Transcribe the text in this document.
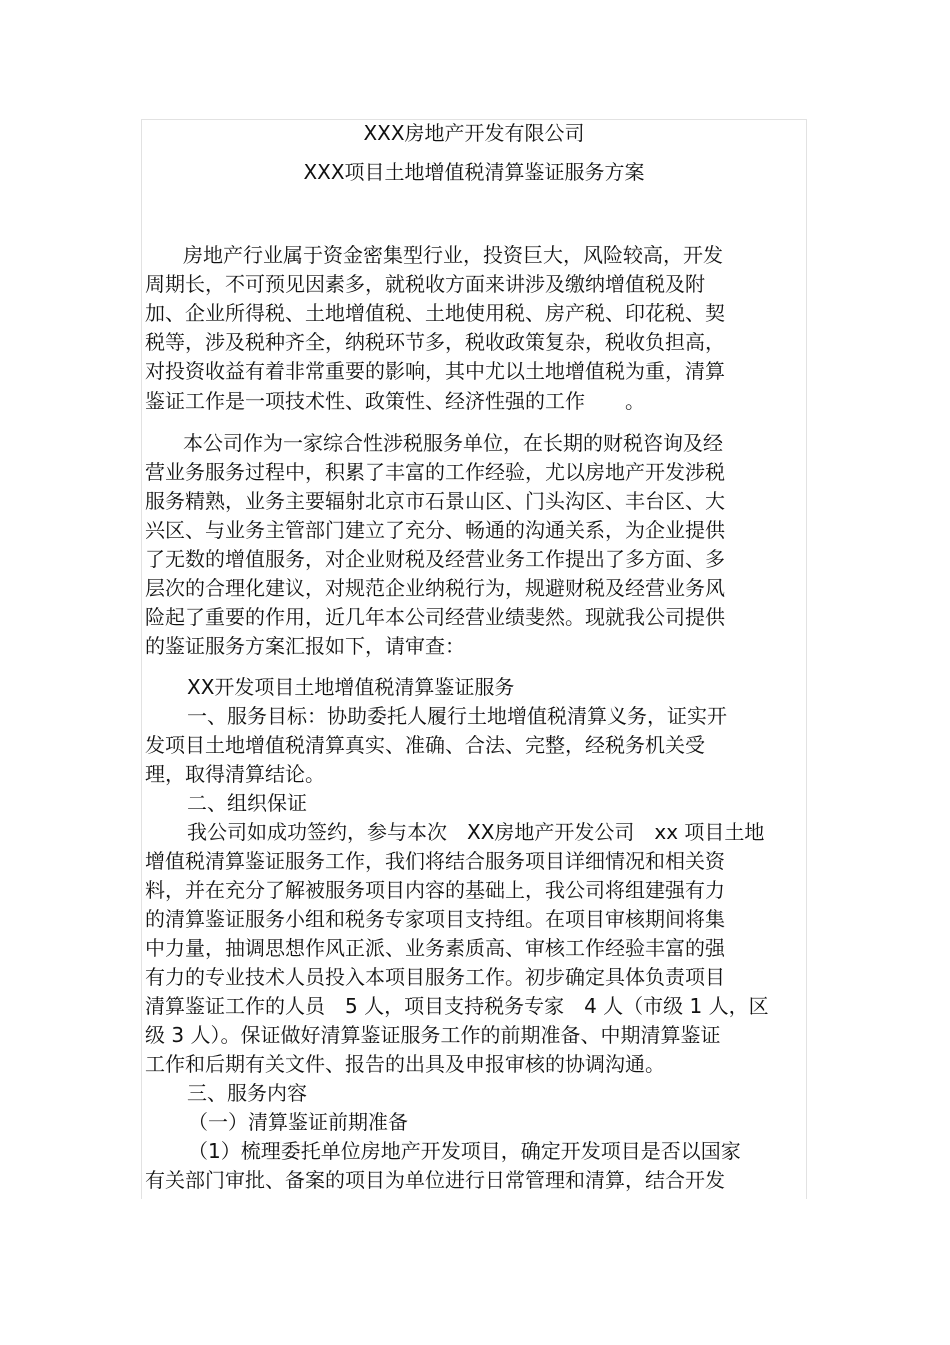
XXX房地产开发有限公司
XXX项目土地增值税清算鉴证服务方案
房地产行业属于资金密集型行业，投资巨大，风险较高，开发
周期长，不可预见因素多，就税收方面来讲涉及缴纳增值税及附
加、企业所得税、土地增值税、土地使用税、房产税、印花税、契
税等，涉及税种齐全，纳税环节多，税收政策复杂，税收负担高，
对投资收益有着非常重要的影响，其中尤以土地增值税为重，清算
鉴证工作是一项技术性、政策性、经济性强的工作　　。
本公司作为一家综合性涉税服务单位，在长期的财税咨询及经
营业务服务过程中，积累了丰富的工作经验，尤以房地产开发涉税
服务精熟，业务主要辐射北京市石景山区、门头沟区、丰台区、大
兴区、与业务主管部门建立了充分、畅通的沟通关系，为企业提供
了无数的增值服务，对企业财税及经营业务工作提出了多方面、多
层次的合理化建议，对规范企业纳税行为，规避财税及经营业务风
险起了重要的作用，近几年本公司经营业绩斐然。现就我公司提供
的鉴证服务方案汇报如下，请审查：
XX开发项目土地增值税清算鉴证服务
一、服务目标：协助委托人履行土地增值税清算义务，证实开
发项目土地增值税清算真实、准确、合法、完整，经税务机关受
理，取得清算结论。
二、组织保证
我公司如成功签约，参与本次　XX房地产开发公司　xx 项目土地
增值税清算鉴证服务工作，我们将结合服务项目详细情况和相关资
料，并在充分了解被服务项目内容的基础上，我公司将组建强有力
的清算鉴证服务小组和税务专家项目支持组。在项目审核期间将集
中力量，抽调思想作风正派、业务素质高、审核工作经验丰富的强
有力的专业技术人员投入本项目服务工作。初步确定具体负责项目
清算鉴证工作的人员　5 人，项目支持税务专家　4 人（市级 1 人，区
级 3 人）。保证做好清算鉴证服务工作的前期准备、中期清算鉴证
工作和后期有关文件、报告的出具及申报审核的协调沟通。
三、服务内容
（一）清算鉴证前期准备
（1）梳理委托单位房地产开发项目，确定开发项目是否以国家
有关部门审批、备案的项目为单位进行日常管理和清算，结合开发
